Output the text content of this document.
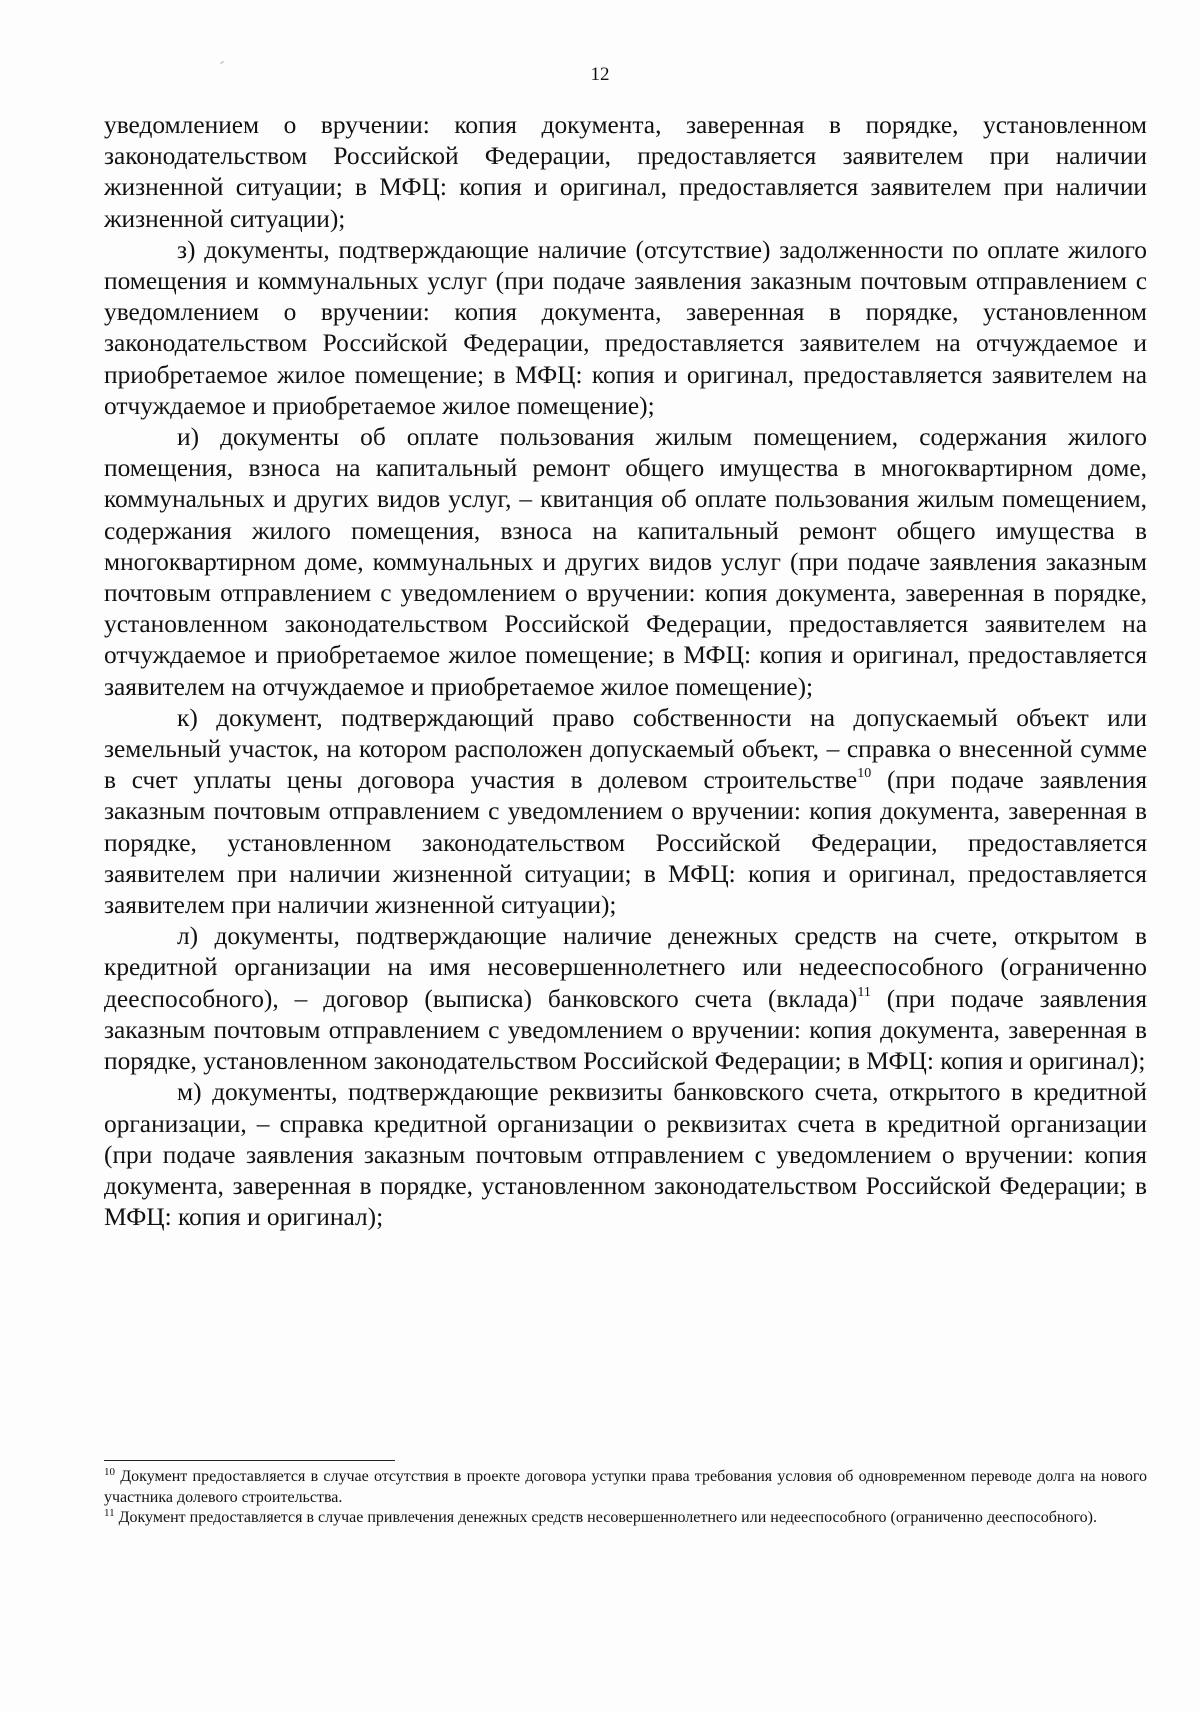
12

уведомлением о вручении: копия документа, заверенная в порядке, установленном законодательством Российской Федерации, предоставляется заявителем при наличии жизненной ситуации; в МФЦ: копия и оригинал, предоставляется заявителем при наличии жизненной ситуации);

з) документы, подтверждающие наличие (отсутствие) задолженности по оплате жилого помещения и коммунальных услуг (при подаче заявления заказным почтовым отправлением с уведомлением о вручении: копия документа, заверенная в порядке, установленном законодательством Российской Федерации, предоставляется заявителем на отчуждаемое и приобретаемое жилое помещение; в МФЦ: копия и оригинал, предоставляется заявителем на отчуждаемое и приобретаемое жилое помещение);

и) документы об оплате пользования жилым помещением, содержания жилого помещения, взноса на капитальный ремонт общего имущества в многоквартирном доме, коммунальных и других видов услуг, – квитанция об оплате пользования жилым помещением, содержания жилого помещения, взноса на капитальный ремонт общего имущества в многоквартирном доме, коммунальных и других видов услуг (при подаче заявления заказным почтовым отправлением с уведомлением о вручении: копия документа, заверенная в порядке, установленном законодательством Российской Федерации, предоставляется заявителем на отчуждаемое и приобретаемое жилое помещение; в МФЦ: копия и оригинал, предоставляется заявителем на отчуждаемое и приобретаемое жилое помещение);

к) документ, подтверждающий право собственности на допускаемый объект или земельный участок, на котором расположен допускаемый объект, – справка о внесенной сумме в счет уплаты цены договора участия в долевом строительстве$^{10}$ (при подаче заявления заказным почтовым отправлением с уведомлением о вручении: копия документа, заверенная в порядке, установленном законодательством Российской Федерации, предоставляется заявителем при наличии жизненной ситуации; в МФЦ: копия и оригинал, предоставляется заявителем при наличии жизненной ситуации);

л) документы, подтверждающие наличие денежных средств на счете, открытом в кредитной организации на имя несовершеннолетнего или недееспособного (ограниченно дееспособного), – договор (выписка) банковского счета (вклада)$^{11}$ (при подаче заявления заказным почтовым отправлением с уведомлением о вручении: копия документа, заверенная в порядке, установленном законодательством Российской Федерации; в МФЦ: копия и оригинал);

м) документы, подтверждающие реквизиты банковского счета, открытого в кредитной организации, – справка кредитной организации о реквизитах счета в кредитной организации (при подаче заявления заказным почтовым отправлением с уведомлением о вручении: копия документа, заверенная в порядке, установленном законодательством Российской Федерации; в МФЦ: копия и оригинал);

$^{10}$ Документ предоставляется в случае отсутствия в проекте договора уступки права требования условия об одновременном переводе долга на нового участника долевого строительства.

$^{11}$ Документ предоставляется в случае привлечения денежных средств несовершеннолетнего или недееспособного (ограниченно дееспособного).
